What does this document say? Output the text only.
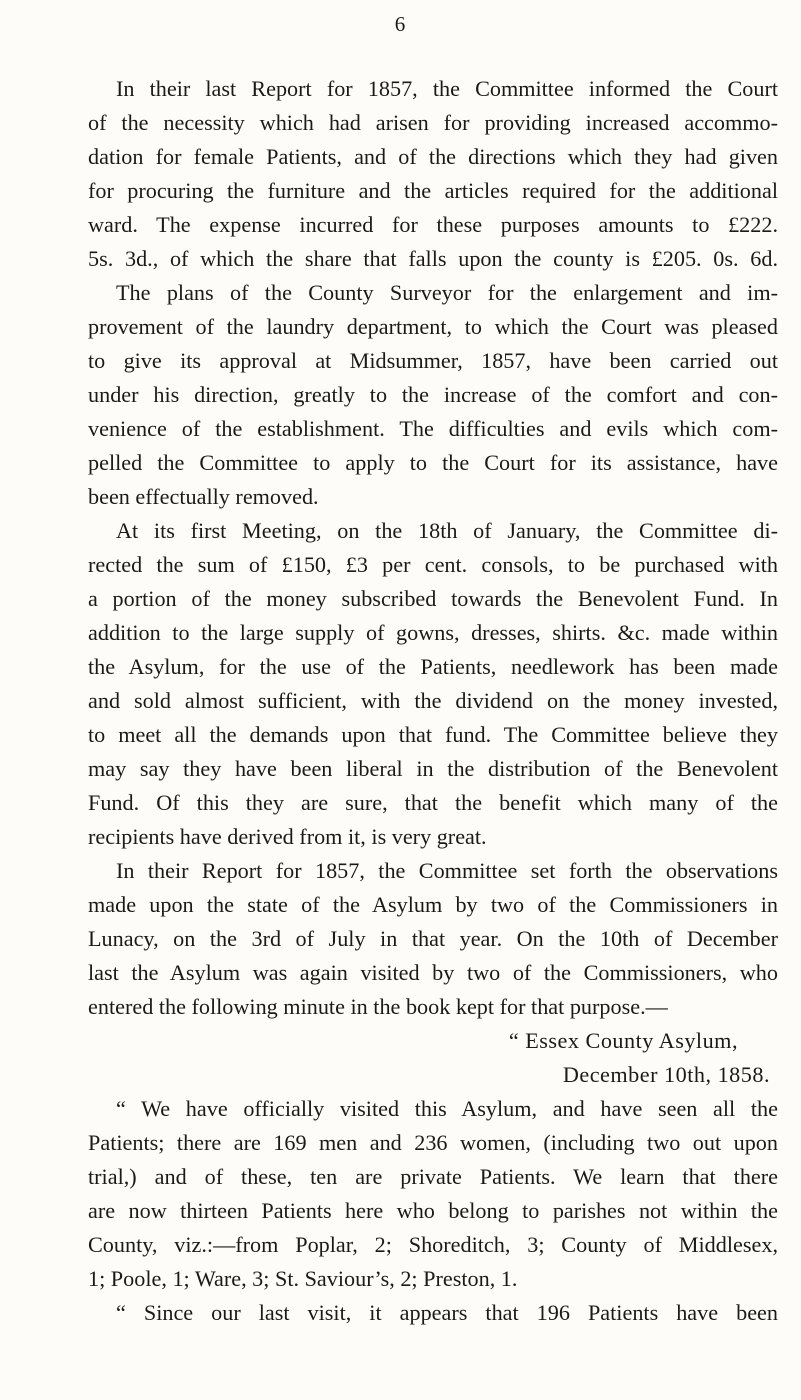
6
In their last Report for 1857, the Committee informed the Court
of the necessity which had arisen for providing increased accommo-
dation for female Patients, and of the directions which they had given
for procuring the furniture and the articles required for the additional
ward. The expense incurred for these purposes amounts to £222.
5s. 3d., of which the share that falls upon the county is £205. 0s. 6d.
The plans of the County Surveyor for the enlargement and im-
provement of the laundry department, to which the Court was pleased
to give its approval at Midsummer, 1857, have been carried out
under his direction, greatly to the increase of the comfort and con-
venience of the establishment. The difficulties and evils which com-
pelled the Committee to apply to the Court for its assistance, have
been effectually removed.
At its first Meeting, on the 18th of January, the Committee di-
rected the sum of £150, £3 per cent. consols, to be purchased with
a portion of the money subscribed towards the Benevolent Fund. In
addition to the large supply of gowns, dresses, shirts. &c. made within
the Asylum, for the use of the Patients, needlework has been made
and sold almost sufficient, with the dividend on the money invested,
to meet all the demands upon that fund. The Committee believe they
may say they have been liberal in the distribution of the Benevolent
Fund. Of this they are sure, that the benefit which many of the
recipients have derived from it, is very great.
In their Report for 1857, the Committee set forth the observations
made upon the state of the Asylum by two of the Commissioners in
Lunacy, on the 3rd of July in that year. On the 10th of December
last the Asylum was again visited by two of the Commissioners, who
entered the following minute in the book kept for that purpose.—
“ Essex County Asylum,
December 10th, 1858.
“ We have officially visited this Asylum, and have seen all the
Patients; there are 169 men and 236 women, (including two out upon
trial,) and of these, ten are private Patients. We learn that there
are now thirteen Patients here who belong to parishes not within the
County, viz.:—from Poplar, 2; Shoreditch, 3; County of Middlesex,
1; Poole, 1; Ware, 3; St. Saviour’s, 2; Preston, 1.
“ Since our last visit, it appears that 196 Patients have been
